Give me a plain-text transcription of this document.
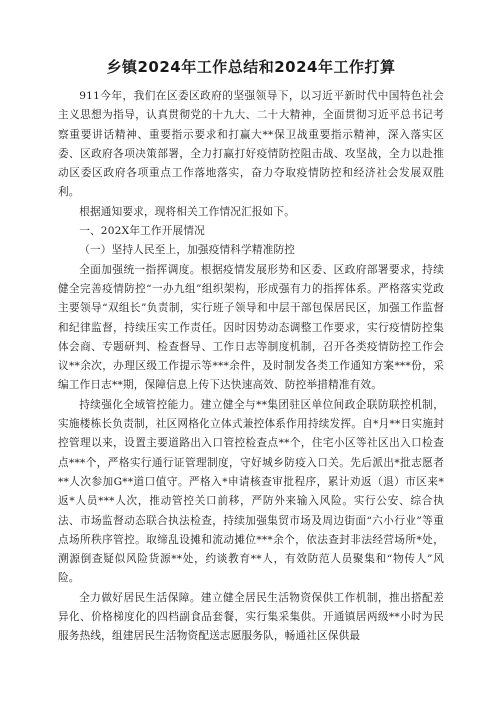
乡镇2024年工作总结和2024年工作打算

911今年，我们在区委区政府的坚强领导下，以习近平新时代中国特色社会主义思想为指导，认真贯彻党的十九大、二十大精神，全面贯彻习近平总书记考察重要讲话精神、重要指示要求和打赢大**保卫战重要指示精神，深入落实区委、区政府各项决策部署，全力打赢打好疫情防控阻击战、攻坚战，全力以赴推动区委区政府各项重点工作落地落实，奋力夺取疫情防控和经济社会发展双胜利。

根据通知要求，现将相关工作情况汇报如下。

一、202X年工作开展情况

（一）坚持人民至上，加强疫情科学精准防控

全面加强统一指挥调度。根据疫情发展形势和区委、区政府部署要求，持续健全完善疫情防控“一办九组”组织架构，形成强有力的指挥体系。严格落实党政主要领导“双组长”负责制，实行班子领导和中层干部包保居民区，加强工作监督和纪律监督，持续压实工作责任。因时因势动态调整工作要求，实行疫情防控集体会商、专题研判、检查督导、工作日志等制度机制，召开各类疫情防控工作会议**余次，办理区级工作提示等***余件，及时制发各类工作通知方案***份，采编工作日志**期，保障信息上传下达快速高效、防控举措精准有效。

持续强化全域管控能力。建立健全与**集团驻区单位间政企联防联控机制，实施楼栋长负责制，社区网格化立体式兼控体系作用持续发挥。自*月**日实施封控管理以来，设置主要道路出入口管控检查点**个，住宅小区等社区出入口检查点***个，严格实行通行证管理制度，守好城乡防疫入口关。先后派出*批志愿者**人次参加G**道口值守。严格入*申请核查审批程序，累计劝返（退）市区来*返*人员***人次，推动管控关口前移，严防外来输入风险。实行公安、综合执法、市场监督动态联合执法检查，持续加强集贸市场及周边街面“六小行业”等重点场所秩序管控。取缔乱设摊和流动摊位***余个，依法查封非法经营场所*处，溯源倒查疑似风险货源**处，约谈教育**人，有效防范人员聚集和“物传人”风险。

全力做好居民生活保障。建立健全居民生活物资保供工作机制，推出搭配差异化、价格梯度化的四档副食品套餐，实行集采集供。开通镇居两级**小时为民服务热线，组建居民生活物资配送志愿服务队，畅通社区保供最
